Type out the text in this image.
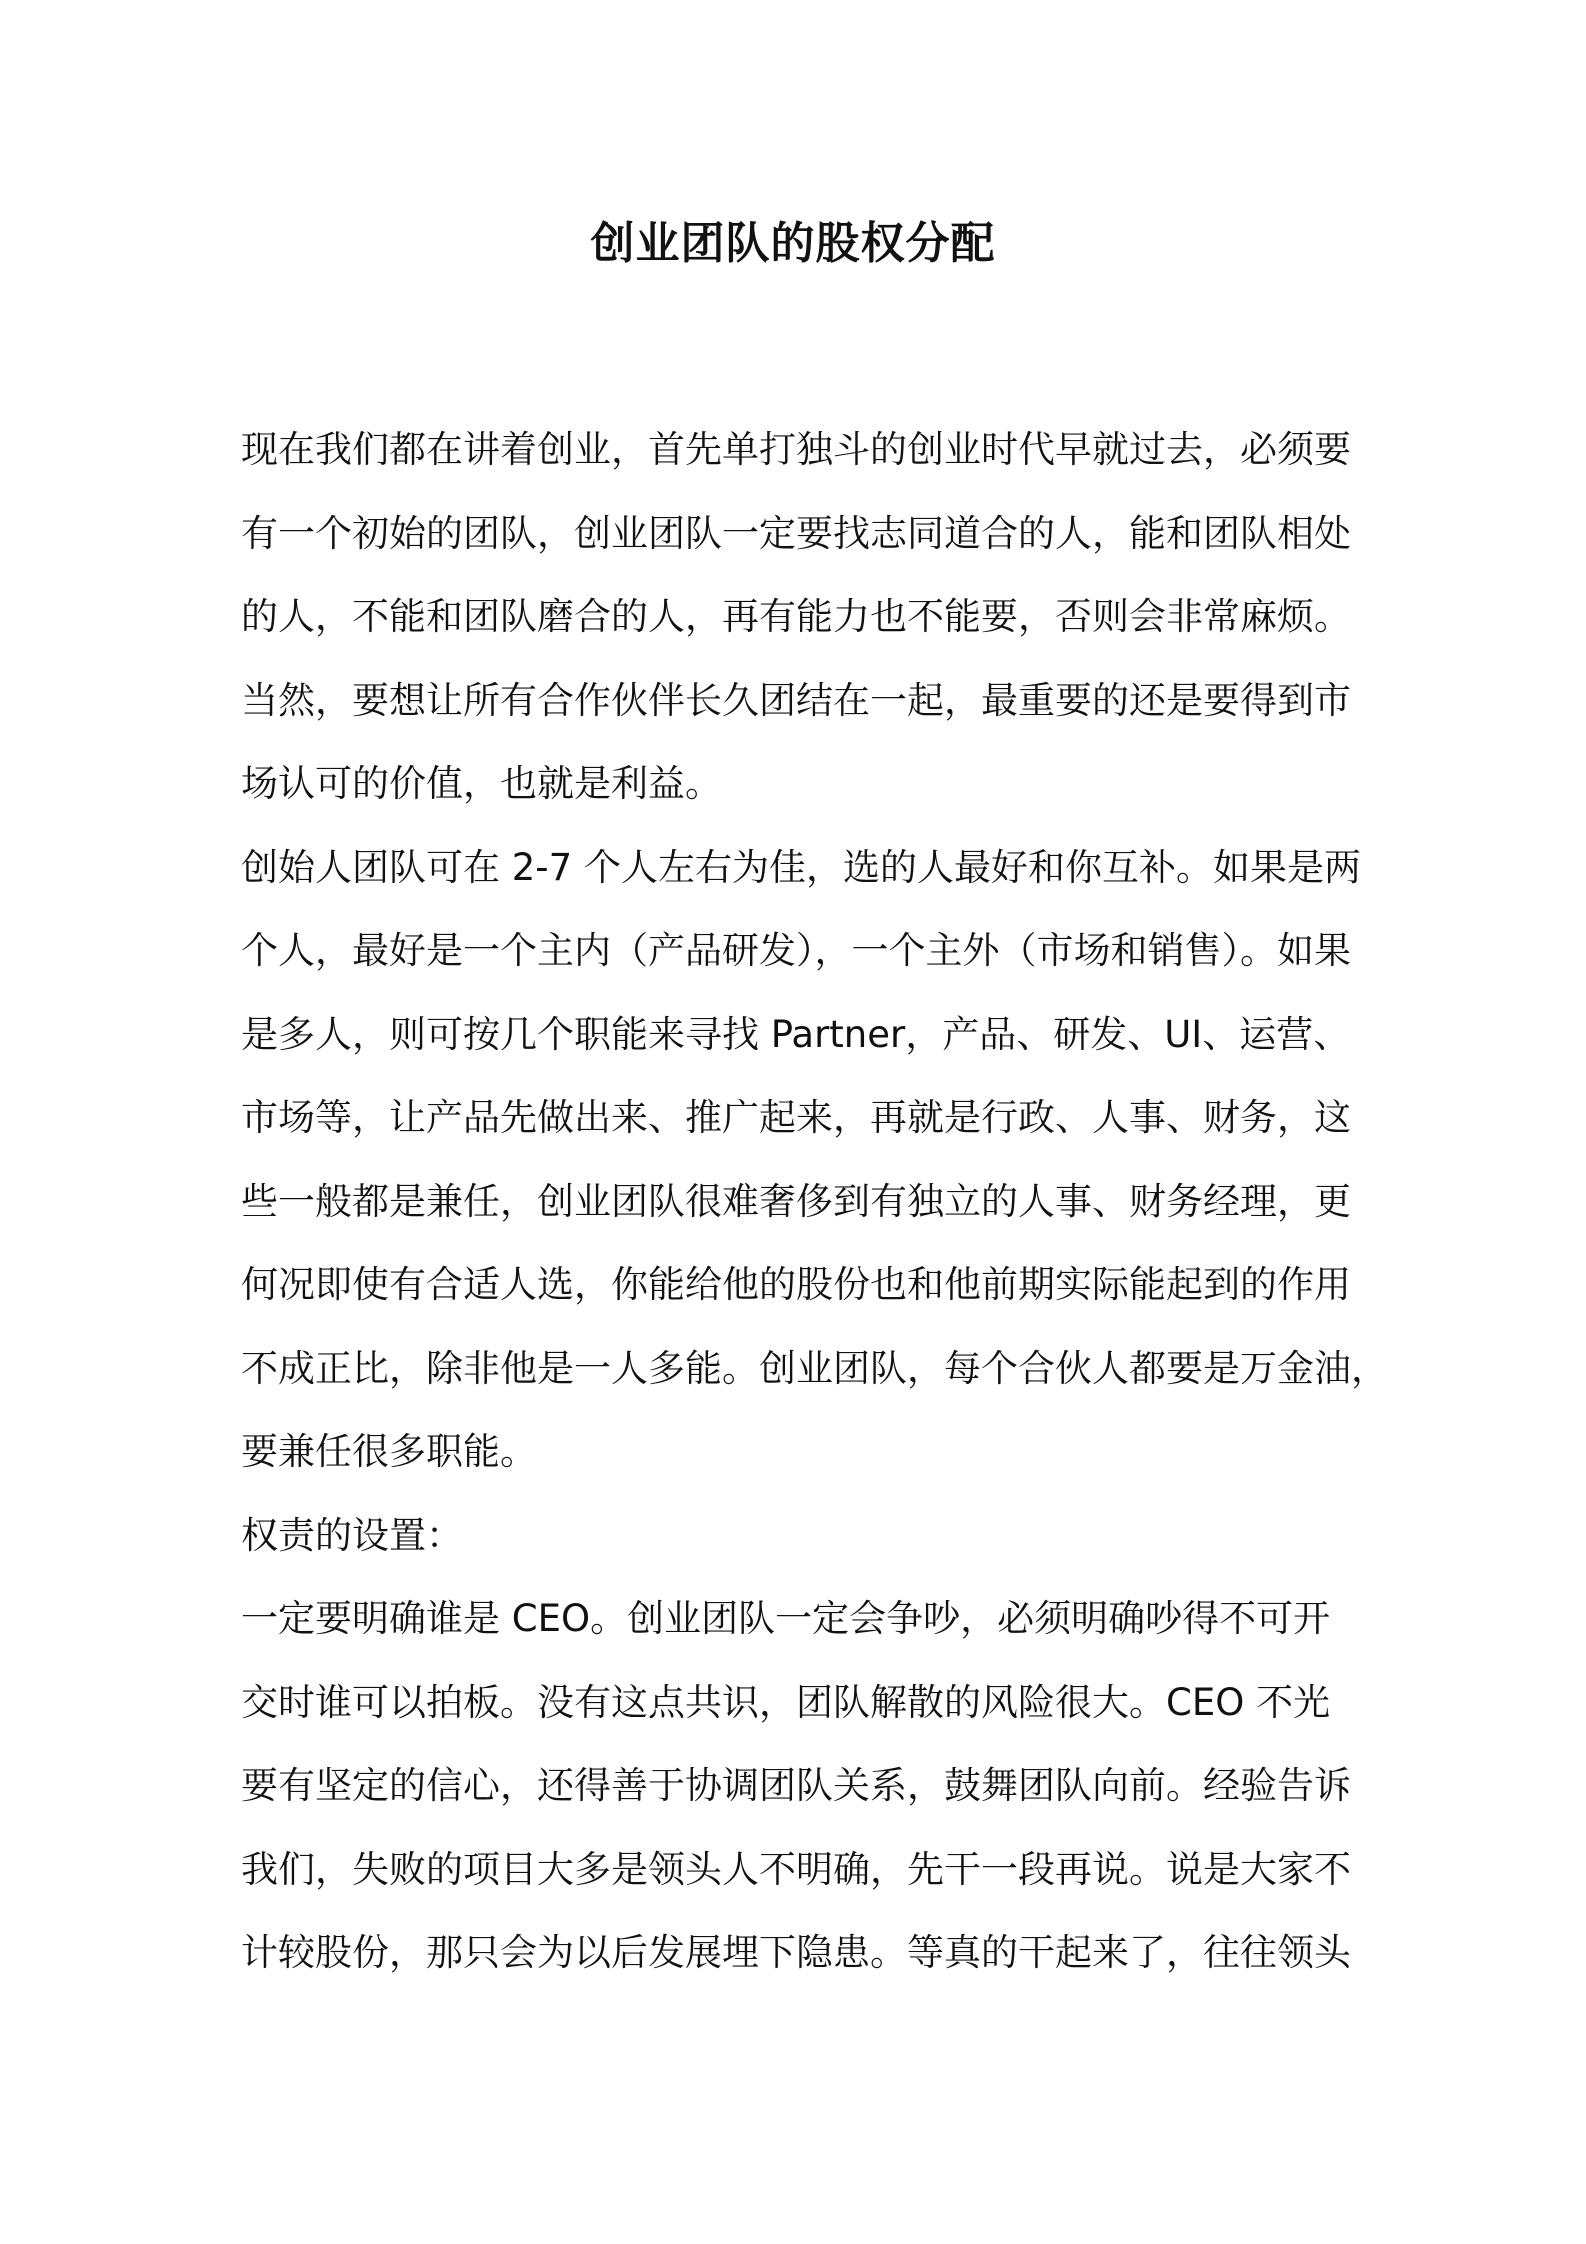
创业团队的股权分配

现在我们都在讲着创业，首先单打独斗的创业时代早就过去，必须要

有一个初始的团队，创业团队一定要找志同道合的人，能和团队相处

的人，不能和团队磨合的人，再有能力也不能要，否则会非常麻烦。

当然，要想让所有合作伙伴长久团结在一起，最重要的还是要得到市

场认可的价值，也就是利益。

创始人团队可在 2-7 个人左右为佳，选的人最好和你互补。如果是两

个人，最好是一个主内（产品研发），一个主外（市场和销售）。如果

是多人，则可按几个职能来寻找 Partner，产品、研发、UI、运营、

市场等，让产品先做出来、推广起来，再就是行政、人事、财务，这

些一般都是兼任，创业团队很难奢侈到有独立的人事、财务经理，更

何况即使有合适人选，你能给他的股份也和他前期实际能起到的作用

不成正比，除非他是一人多能。创业团队，每个合伙人都要是万金油，

要兼任很多职能。

权责的设置：

一定要明确谁是 CEO。创业团队一定会争吵，必须明确吵得不可开

交时谁可以拍板。没有这点共识，团队解散的风险很大。CEO 不光

要有坚定的信心，还得善于协调团队关系，鼓舞团队向前。经验告诉

我们，失败的项目大多是领头人不明确，先干一段再说。说是大家不

计较股份，那只会为以后发展埋下隐患。等真的干起来了，往往领头
